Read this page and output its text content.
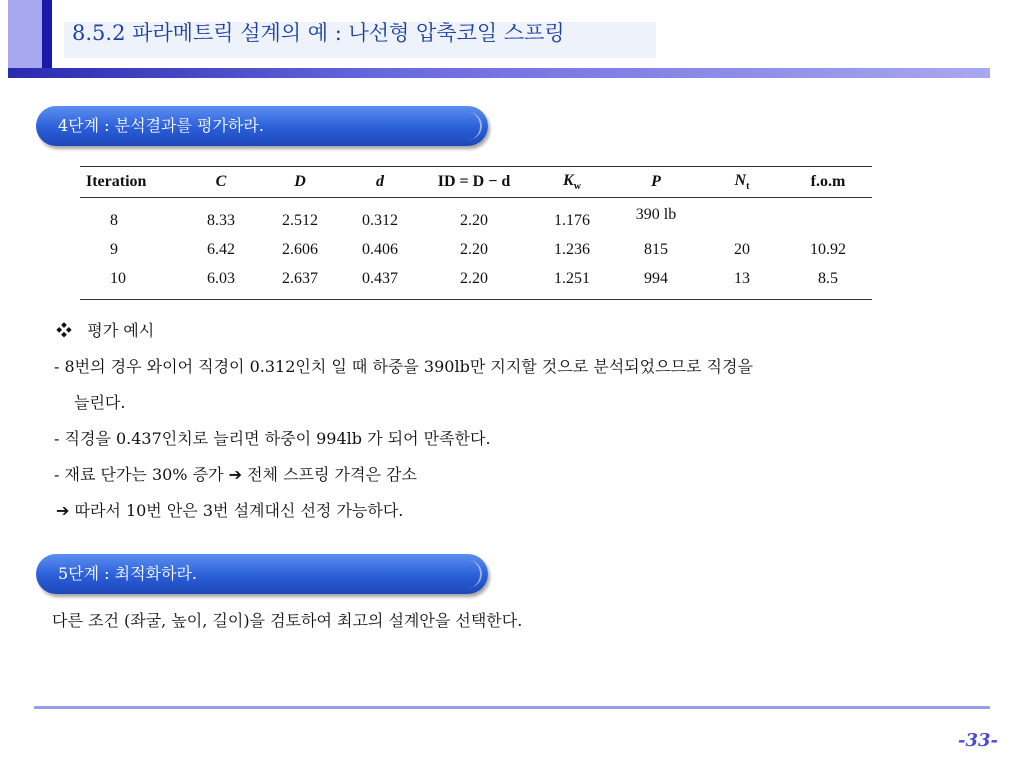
8.5.2 파라메트릭 설계의 예 : 나선형 압축코일 스프링
4단계 : 분석결과를 평가하라.
Iteration	C	D	d	ID = D − d	$K_w$	P	$N_t$	f.o.m
8	8.33	2.512	0.312	2.20	1.176	390 lb		
9	6.42	2.606	0.406	2.20	1.236	815	20	10.92
10	6.03	2.637	0.437	2.20	1.251	994	13	8.5
❖ 평가 예시
- 8번의 경우 와이어 직경이 0.312인치 일 때 하중을 390lb만 지지할 것으로 분석되었으므로 직경을
늘린다.
- 직경을 0.437인치로 늘리면 하중이 994lb 가 되어 만족한다.
- 재료 단가는 30% 증가 ➔ 전체 스프링 가격은 감소
➔ 따라서 10번 안은 3번 설계대신 선정 가능하다.
5단계 : 최적화하라.
다른 조건 (좌굴, 높이, 길이)을 검토하여 최고의 설계안을 선택한다.
-33-
